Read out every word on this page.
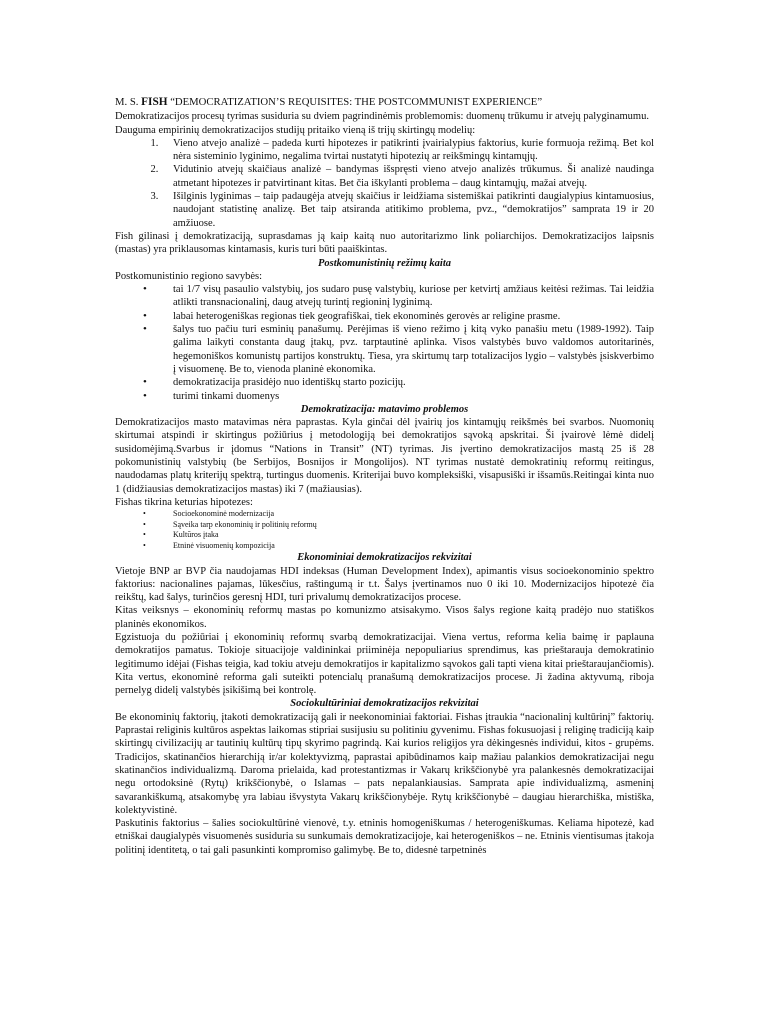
M. S. FISH “DEMOCRATIZATION’S REQUISITES: THE POSTCOMMUNIST EXPERIENCE”

Demokratizacijos procesų tyrimas susiduria su dviem pagrindinėmis problemomis: duomenų trūkumu ir atvejų palyginamumu.

Dauguma empirinių demokratizacijos studijų pritaiko vieną iš trijų skirtingų modelių:

1. Vieno atvejo analizė – padeda kurti hipotezes ir patikrinti įvairialypius faktorius, kurie formuoja režimą. Bet kol nėra sisteminio lyginimo, negalima tvirtai nustatyti hipotezių ar reikšmingų kintamųjų.
2. Vidutinio atvejų skaičiaus analizė – bandymas išspręsti vieno atvejo analizės trūkumus. Ši analizė naudinga atmetant hipotezes ir patvirtinant kitas. Bet čia iškylanti problema – daug kintamųjų, mažai atvejų.
3. Išilginis lyginimas – taip padaugėja atvejų skaičius ir leidžiama sistemiškai patikrinti daugialypius kintamuosius, naudojant statistinę analizę. Bet taip atsiranda atitikimo problema, pvz., “demokratijos” samprata 19 ir 20 amžiuose.

Fish gilinasi į demokratizaciją, suprasdamas ją kaip kaitą nuo autoritarizmo link poliarchijos. Demokratizacijos laipsnis (mastas) yra priklausomas kintamasis, kuris turi būti paaiškintas.

Postkomunistinių režimų kaita

Postkomunistinio regiono savybės:

• tai 1/7 visų pasaulio valstybių, jos sudaro pusę valstybių, kuriose per ketvirtį amžiaus keitėsi režimas. Tai leidžia atlikti transnacionalinį, daug atvejų turintį regioninį lyginimą.
• labai heterogeniškas regionas tiek geografiškai, tiek ekonominės gerovės ar religine prasme.
• šalys tuo pačiu turi esminių panašumų. Perėjimas iš vieno režimo į kitą vyko panašiu metu (1989-1992). Taip galima laikyti constanta daug įtakų, pvz. tarptautinė aplinka. Visos valstybės buvo valdomos autoritarinės, hegemoniškos komunistų partijos konstruktų. Tiesa, yra skirtumų tarp totalizacijos lygio – valstybės įsiskverbimo į visuomenę. Be to, vienoda planinė ekonomika.
• demokratizacija prasidėjo nuo identiškų starto pozicijų.
• turimi tinkami duomenys

Demokratizacija: matavimo problemos

Demokratizacijos masto matavimas nėra paprastas. Kyla ginčai dėl įvairių jos kintamųjų reikšmės bei svarbos. Nuomonių skirtumai atspindi ir skirtingus požiūrius į metodologiją bei demokratijos sąvoką apskritai. Ši įvairovė lėmė didelį susidomėjimą.Svarbus ir įdomus “Nations in Transit” (NT) tyrimas. Jis įvertino demokratizacijos mastą 25 iš 28 pokomunistinių valstybių (be Serbijos, Bosnijos ir Mongolijos). NT tyrimas nustatė demokratinių reformų reitingus, naudodamas platų kriterijų spektrą, turtingus duomenis. Kriterijai buvo kompleksiški, visapusiški ir išsamūs.Reitingai kinta nuo 1 (didžiausias demokratizacijos mastas) iki 7 (mažiausias).

Fishas tikrina keturias hipotezes:

• Socioekonominė modernizacija
• Sąveika tarp ekonominių ir politinių reformų
• Kultūros įtaka
• Etninė visuomenių kompozicija

Ekonominiai demokratizacijos rekvizitai

Vietoje BNP ar BVP čia naudojamas HDI indeksas (Human Development Index), apimantis visus socioekonominio spektro faktorius: nacionalines pajamas, lūkesčius, raštingumą ir t.t. Šalys įvertinamos nuo 0 iki 10. Modernizacijos hipotezė čia reikštų, kad šalys, turinčios geresnį HDI, turi privalumų demokratizacijos procese.

Kitas veiksnys – ekonominių reformų mastas po komunizmo atsisakymo. Visos šalys regione kaitą pradėjo nuo statiškos planinės ekonomikos.

Egzistuoja du požiūriai į ekonominių reformų svarbą demokratizacijai. Viena vertus, reforma kelia baimę ir paplauna demokratijos pamatus. Tokioje situacijoje valdininkai priiminėja nepopuliarius sprendimus, kas prieštarauja demokratinio legitimumo idėjai (Fishas teigia, kad tokiu atveju demokratijos ir kapitalizmo sąvokos gali tapti viena kitai prieštaraujančiomis). Kita vertus, ekonominė reforma gali suteikti potencialų pranašumą demokratizacijos procese. Ji žadina aktyvumą, riboja pernelyg didelį valstybės įsikišimą bei kontrolę.

Sociokultūriniai demokratizacijos rekvizitai

Be ekonominių faktorių, įtakoti demokratizaciją gali ir neekonominiai faktoriai. Fishas įtraukia “nacionalinį kultūrinį” faktorių. Paprastai religinis kultūros aspektas laikomas stipriai susijusiu su politiniu gyvenimu. Fishas fokusuojasi į religinę tradiciją kaip skirtingų civilizacijų ar tautinių kultūrų tipų skyrimo pagrindą. Kai kurios religijos yra dėkingesnės individui, kitos - grupėms. Tradicijos, skatinančios hierarchiją ir/ar kolektyvizmą, paprastai apibūdinamos kaip mažiau palankios demokratizacijai negu skatinančios individualizmą. Daroma prielaida, kad protestantizmas ir Vakarų krikščionybė yra palankesnės demokratizacijai negu ortodoksinė (Rytų) krikščionybė, o Islamas – pats nepalankiausias. Samprata apie individualizmą, asmeninį savarankiškumą, atsakomybę yra labiau išvystyta Vakarų krikščionybėje. Rytų krikščionybė – daugiau hierarchiška, mistiška, kolektyvistinė.

Paskutinis faktorius – šalies sociokultūrinė vienovė, t.y. etninis homogeniškumas / heterogeniškumas. Keliama hipotezė, kad etniškai daugialypės visuomenės susiduria su sunkumais demokratizacijoje, kai heterogeniškos – ne. Etninis vientisumas įtakoja politinį identitetą, o tai gali pasunkinti kompromiso galimybę. Be to, didesnė tarpetninės
